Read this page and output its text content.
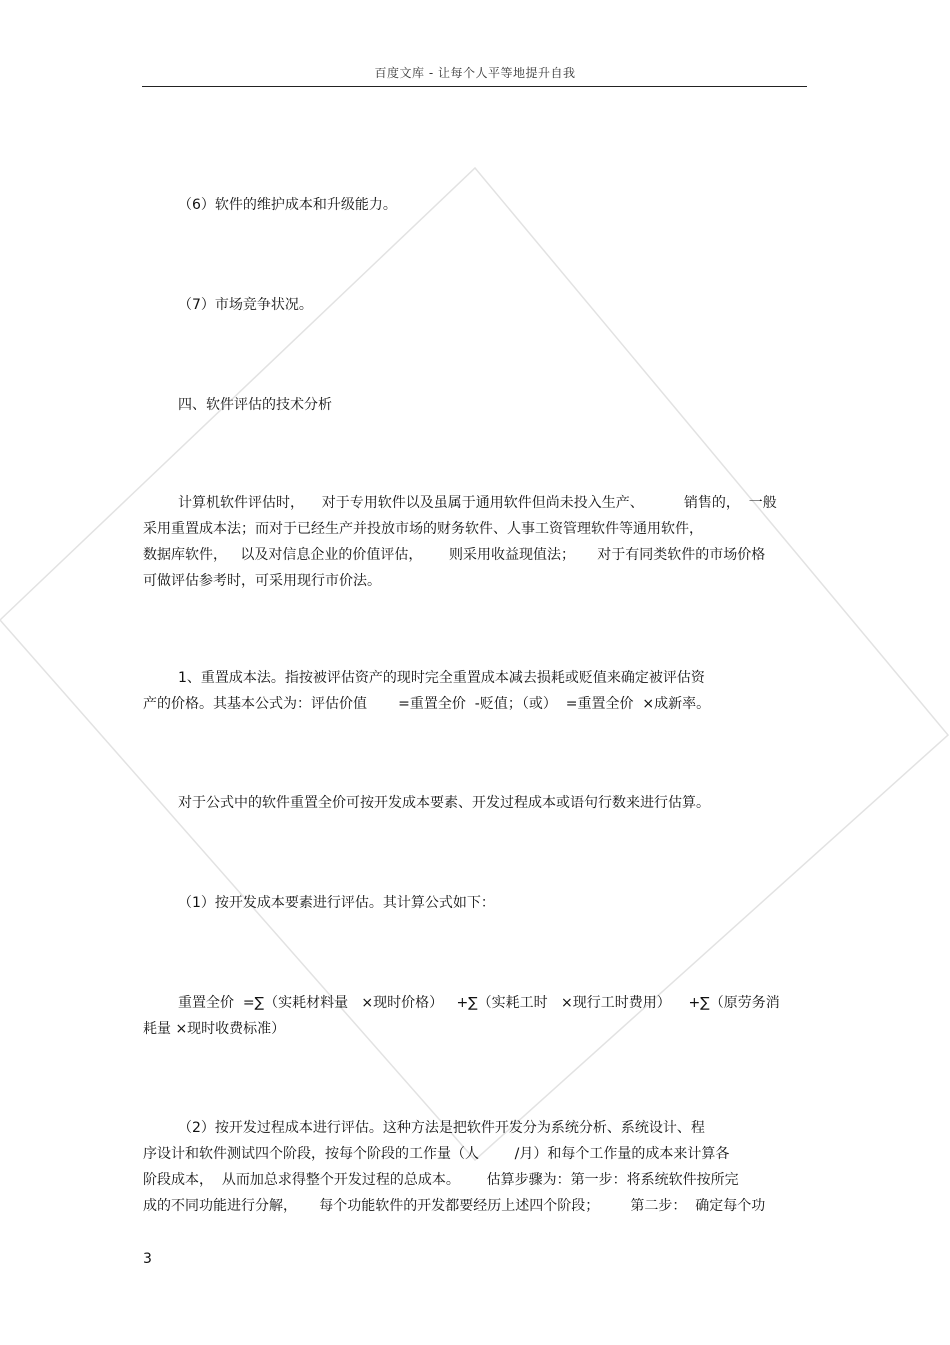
百度文库 - 让每个人平等地提升自我
（6）软件的维护成本和升级能力。
（7）市场竞争状况。
四、软件评估的技术分析
计算机软件评估时，    对于专用软件以及虽属于通用软件但尚未投入生产、         销售的，  一般
采用重置成本法；而对于已经生产并投放市场的财务软件、人事工资管理软件等通用软件，
数据库软件，   以及对信息企业的价值评估，      则采用收益现值法；     对于有同类软件的市场价格
可做评估参考时，可采用现行市价法。
1、重置成本法。指按被评估资产的现时完全重置成本减去损耗或贬值来确定被评估资
产的价格。其基本公式为：评估价值       =重置全价  -贬值；（或）  =重置全价  ×成新率。
对于公式中的软件重置全价可按开发成本要素、开发过程成本或语句行数来进行估算。
（1）按开发成本要素进行评估。其计算公式如下：
重置全价  =∑（实耗材料量   ×现时价格）   +∑（实耗工时   ×现行工时费用）    +∑（原劳务消
耗量 ×现时收费标准）
（2）按开发过程成本进行评估。这种方法是把软件开发分为系统分析、系统设计、程
序设计和软件测试四个阶段，按每个阶段的工作量（人        /月）和每个工作量的成本来计算各
阶段成本，  从而加总求得整个开发过程的总成本。      估算步骤为：第一步：将系统软件按所完
成的不同功能进行分解，     每个功能软件的开发都要经历上述四个阶段；       第二步：  确定每个功
3
